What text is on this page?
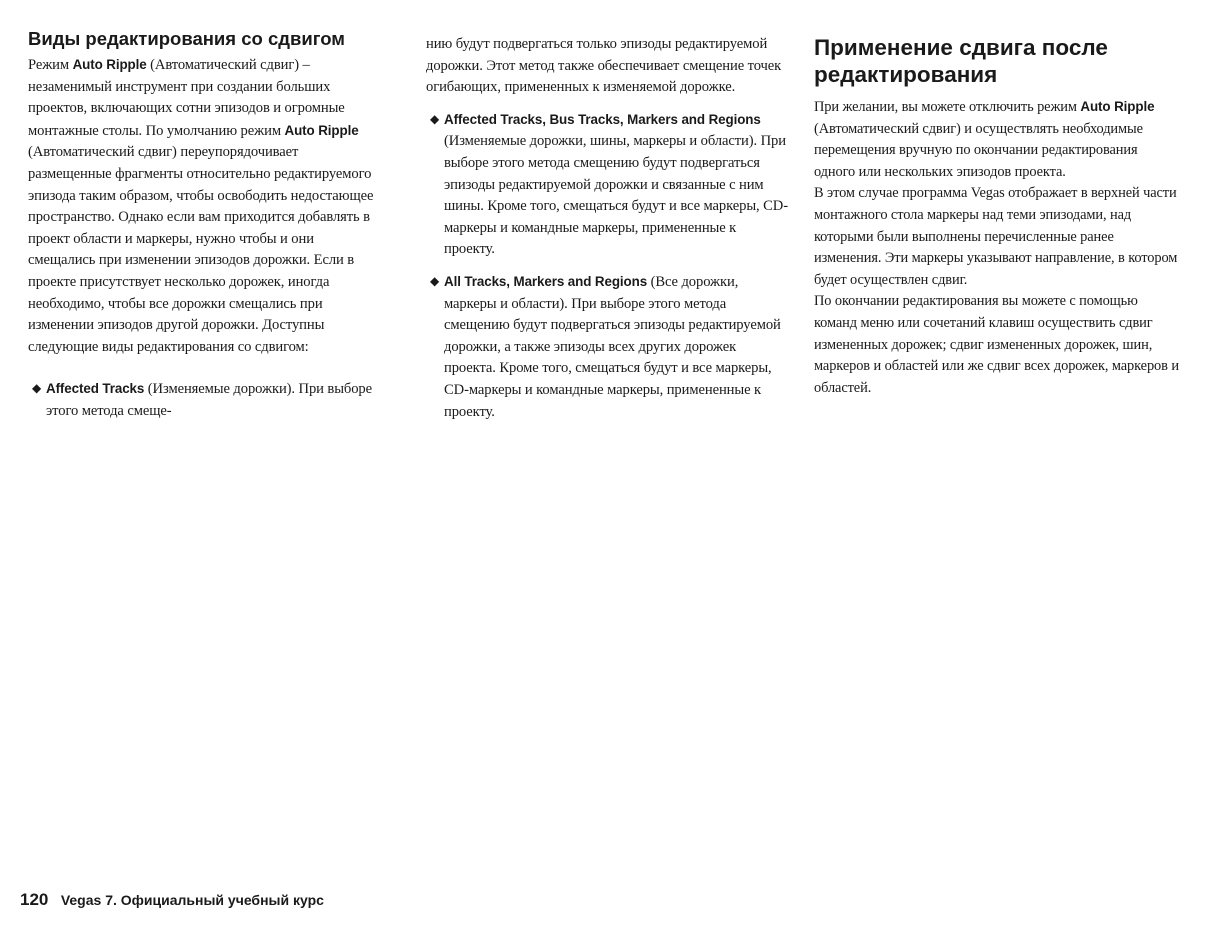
Виды редактирования со сдвигом

Режим Auto Ripple (Автоматический сдвиг) – незаменимый инструмент при создании больших проектов, включающих сотни эпизодов и огромные монтажные столы. По умолчанию режим Auto Ripple (Автоматический сдвиг) переупорядочивает размещенные фрагменты относительно редактируемого эпизода таким образом, чтобы освободить недостающее пространство. Однако если вам приходится добавлять в проект области и маркеры, нужно чтобы и они смещались при изменении эпизодов дорожки. Если в проекте присутствует несколько дорожек, иногда необходимо, чтобы все дорожки смещались при изменении эпизодов другой дорожки. Доступны следующие виды редактирования со сдвигом:

◆ Affected Tracks (Изменяемые дорожки). При выборе этого метода смеще-

нию будут подвергаться только эпизоды редактируемой дорожки. Этот метод также обеспечивает смещение точек огибающих, примененных к изменяемой дорожке.

◆ Affected Tracks, Bus Tracks, Markers and Regions (Изменяемые дорожки, шины, маркеры и области). При выборе этого метода смещению будут подвергаться эпизоды редактируемой дорожки и связанные с ним шины. Кроме того, смещаться будут и все маркеры, CD-маркеры и командные маркеры, примененные к проекту.
◆ All Tracks, Markers and Regions (Все дорожки, маркеры и области). При выборе этого метода смещению будут подвергаться эпизоды редактируемой дорожки, а также эпизоды всех других дорожек проекта. Кроме того, смещаться будут и все маркеры, CD-маркеры и командные маркеры, примененные к проекту.
Применение сдвига после редактирования

При желании, вы можете отключить режим Auto Ripple (Автоматический сдвиг) и осуществлять необходимые перемещения вручную по окончании редактирования одного или нескольких эпизодов проекта.

В этом случае программа Vegas отображает в верхней части монтажного стола маркеры над теми эпизодами, над которыми были выполнены перечисленные ранее изменения. Эти маркеры указывают направление, в котором будет осуществлен сдвиг.

По окончании редактирования вы можете с помощью команд меню или сочетаний клавиш осуществить сдвиг измененных дорожек; сдвиг измененных дорожек, шин, маркеров и областей или же сдвиг всех дорожек, маркеров и областей.

120 Vegas 7. Официальный учебный курс
